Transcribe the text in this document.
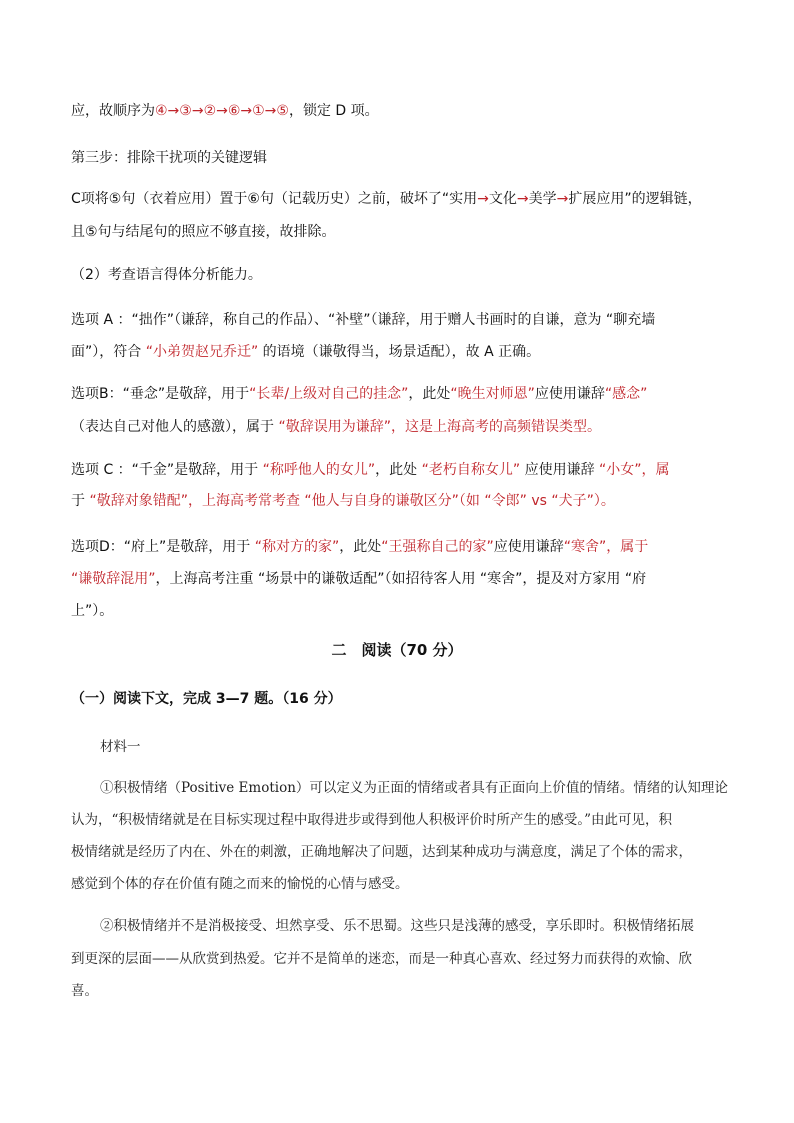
应，故顺序为④→③→②→⑥→①→⑤，锁定 D 项。
第三步：排除干扰项的关键逻辑
C项将⑤句（衣着应用）置于⑥句（记载历史）之前，破坏了“实用→文化→美学→扩展应用”的逻辑链，
且⑤句与结尾句的照应不够直接，故排除。
（2）考查语言得体分析能力。
选项 A ：“拙作”（谦辞，称自己的作品）、“补壁”（谦辞，用于赠人书画时的自谦，意为 “聊充墙
面”），符合 “小弟贺赵兄乔迁” 的语境（谦敬得当，场景适配），故 A 正确。
选项B：“垂念”是敬辞，用于“长辈/上级对自己的挂念”，此处“晚生对师恩”应使用谦辞“感念”
（表达自己对他人的感激），属于 “敬辞误用为谦辞”，这是上海高考的高频错误类型。
选项 C ：“千金”是敬辞，用于 “称呼他人的女儿”，此处 “老朽自称女儿” 应使用谦辞 “小女”，属
于 “敬辞对象错配”，上海高考常考查 “他人与自身的谦敬区分”（如 “令郎” vs “犬子”）。
选项D：“府上”是敬辞，用于 “称对方的家”，此处“王强称自己的家”应使用谦辞“寒舍”，属于
“谦敬辞混用”，上海高考注重 “场景中的谦敬适配”（如招待客人用 “寒舍”，提及对方家用 “府
上”）。
二　阅读（70 分）
（一）阅读下文，完成 3—7 题。（16 分）
材料一
①积极情绪（Positive Emotion）可以定义为正面的情绪或者具有正面向上价值的情绪。情绪的认知理论
认为，“积极情绪就是在目标实现过程中取得进步或得到他人积极评价时所产生的感受。”由此可见，积
极情绪就是经历了内在、外在的刺激，正确地解决了问题，达到某种成功与满意度，满足了个体的需求，
感觉到个体的存在价值有随之而来的愉悦的心情与感受。
②积极情绪并不是消极接受、坦然享受、乐不思蜀。这些只是浅薄的感受，享乐即时。积极情绪拓展
到更深的层面——从欣赏到热爱。它并不是简单的迷恋，而是一种真心喜欢、经过努力而获得的欢愉、欣
喜。
